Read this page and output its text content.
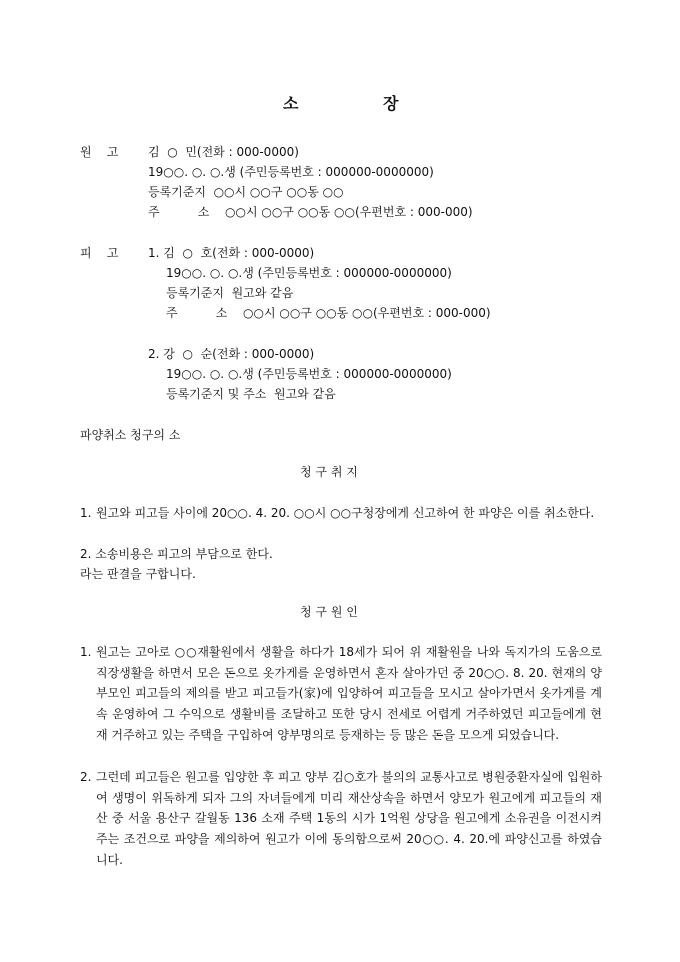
소	장
원    고 김  ○  민(전화 : 000-0000)
19○○. ○. ○.생 (주민등록번호 : 000000-0000000)
등록기준지  ○○시 ○○구 ○○동 ○○
주          소 ○○시 ○○구 ○○동 ○○(우편번호 : 000-000)
피    고 1. 김  ○  호(전화 : 000-0000)
19○○. ○. ○.생 (주민등록번호 : 000000-0000000)
등록기준지  원고와 같음
주          소 ○○시 ○○구 ○○동 ○○(우편번호 : 000-000)
2. 강  ○  순(전화 : 000-0000)
19○○. ○. ○.생 (주민등록번호 : 000000-0000000)
등록기준지 및 주소  원고와 같음
파양취소 청구의 소
청 구 취 지
1. 원고와 피고들 사이에 20○○. 4. 20. ○○시 ○○구청장에게 신고하여 한 파양은 이를 취소한다.
2. 소송비용은 피고의 부담으로 한다.
라는 판결을 구합니다.
청 구 원 인
1. 원고는 고아로 ○○재활원에서 생활을 하다가 18세가 되어 위 재활원을 나와 독지가의 도움으로 직장생활을 하면서 모은 돈으로 옷가게를 운영하면서 혼자 살아가던 중 20○○. 8. 20. 현재의 양부모인 피고들의 제의를 받고 피고들가(家)에 입양하여 피고들을 모시고 살아가면서 옷가게를 계속 운영하여 그 수익으로 생활비를 조달하고 또한 당시 전세로 어렵게 거주하였던 피고들에게 현재 거주하고 있는 주택을 구입하여 양부명의로 등재하는 등 많은 돈을 모으게 되었습니다.
2. 그런데 피고들은 원고를 입양한 후 피고 양부 김○호가 불의의 교통사고로 병원중환자실에 입원하여 생명이 위독하게 되자 그의 자녀들에게 미리 재산상속을 하면서 양모가 원고에게 피고들의 재산 중 서울 용산구 갈월동 136 소재 주택 1동의 시가 1억원 상당을 원고에게 소유권을 이전시켜주는 조건으로 파양을 제의하여 원고가 이에 동의함으로써 20○○. 4. 20.에 파양신고를 하였습니다.
